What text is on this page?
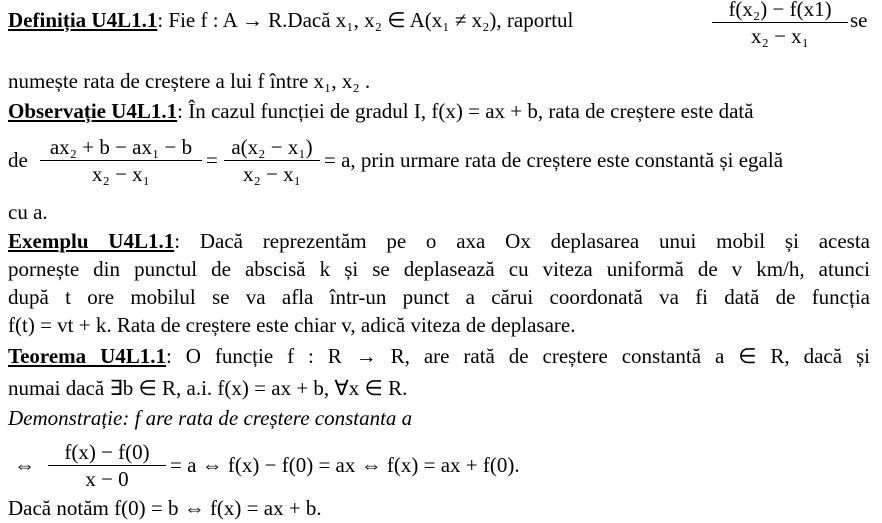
Definiția U4L1.1: Fie f : A → R.Dacă x₁, x₂ ∈ A(x₁ ≠ x₂), raportul	f(x₂) − f(x1)
x₂ − x₁
se
numește rata de creștere a lui f între x₁, x₂ .
Observație U4L1.1: În cazul funcției de gradul I, f(x) = ax + b, rata de creștere este dată
de
ax₂ + b − ax₁ − b
x₂ − x₁
=
a(x₂ − x₁)
x₂ − x₁
= a, prin urmare rata de creștere este constantă și egală
cu a.
Exemplu U4L1.1: Dacă reprezentăm pe o axa Ox deplasarea unui mobil și acesta
pornește din punctul de abscisă k și se deplasează cu viteza uniformă de v km/h, atunci
după t ore mobilul se va afla într-un punct a cărui coordonată va fi dată de funcția
f(t) = vt + k. Rata de creștere este chiar v, adică viteza de deplasare.
Teorema U4L1.1: O funcție f : R → R, are rată de creștere constantă a ∈ R, dacă și
numai dacă ∃b ∈ R, a.i. f(x) = ax + b, ∀x ∈ R.
Demonstrație: f are rata de creștere constanta a
⇔
f(x) − f(0)
x − 0
= a ⇔ f(x) − f(0) = ax ⇔ f(x) = ax + f(0).
Dacă notăm f(0) = b ⇔ f(x) = ax + b.
